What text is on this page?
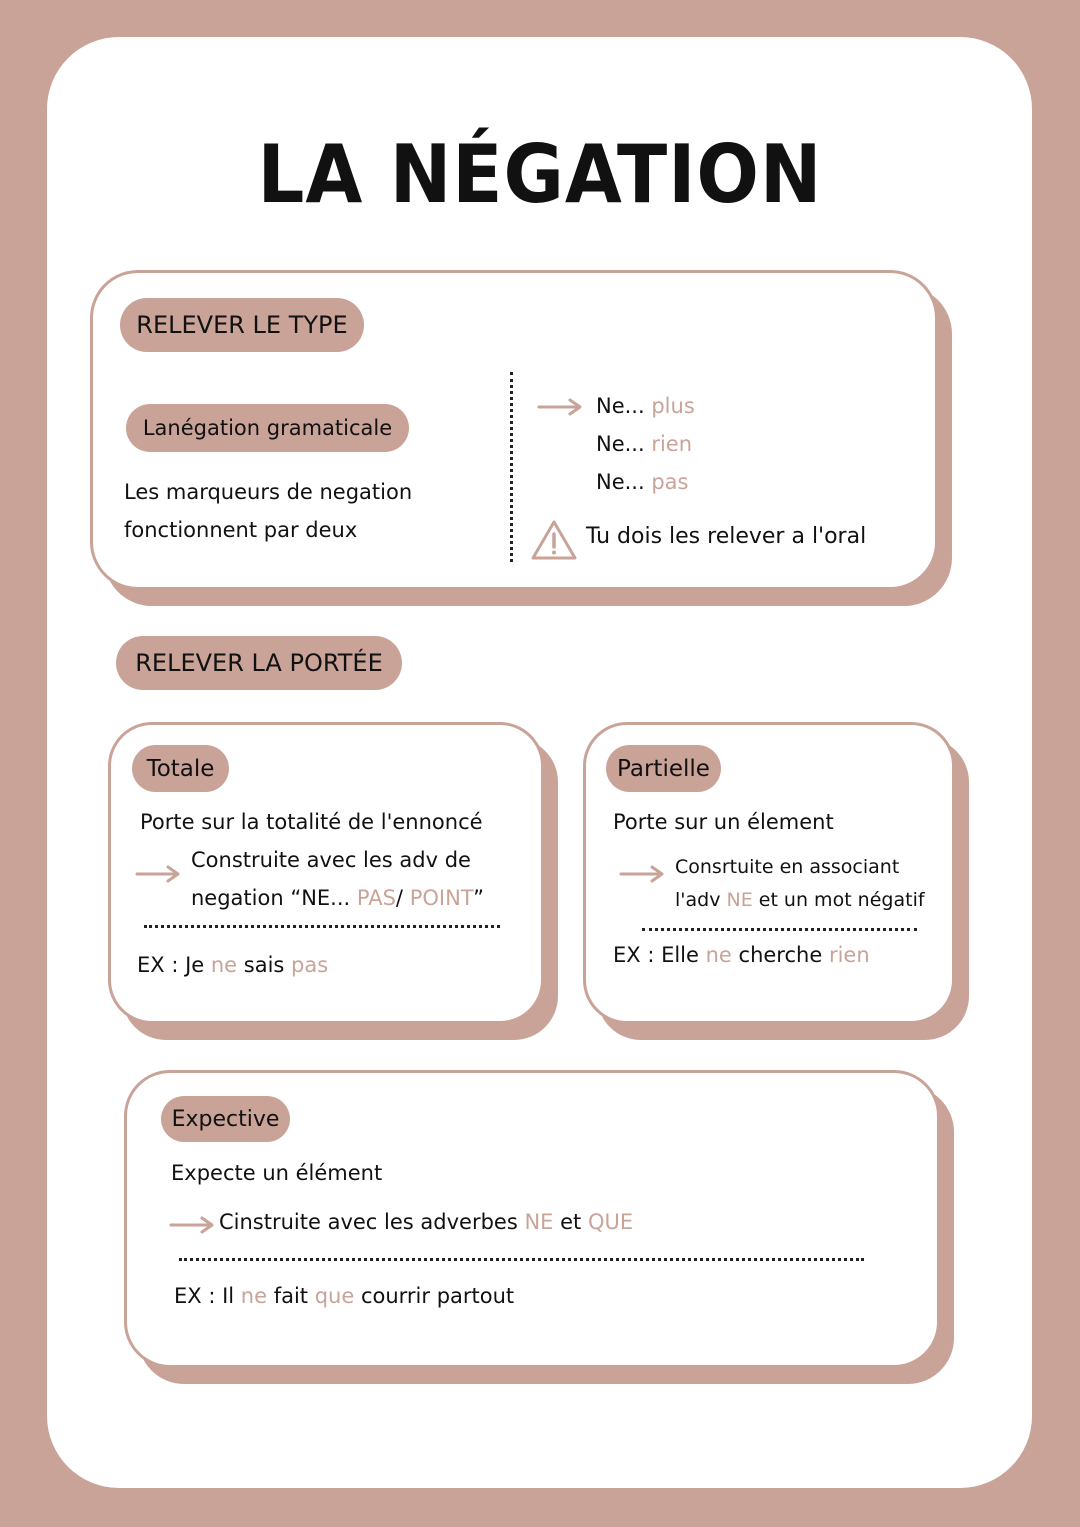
LA NÉGATION
RELEVER LE TYPE
Lanégation gramaticale
Les marqueurs de negation
fonctionnent par deux
Ne... plus
Ne... rien
Ne... pas
Tu dois les relever a l'oral
RELEVER LA PORTÉE
Totale
Porte sur la totalité de l'ennoncé
Construite avec les adv de
negation “NE... PAS/ POINT”
EX : Je ne sais pas
Partielle
Porte sur un élement
Consrtuite en associant
l'adv NE et un mot négatif
EX : Elle ne cherche rien
Expective
Expecte un élément
Cinstruite avec les adverbes NE et QUE
EX : Il ne fait que courrir partout
